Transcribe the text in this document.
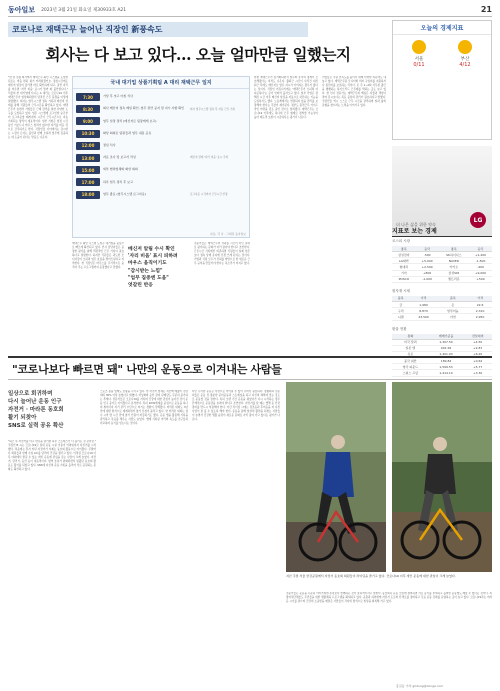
동아일보 2023년 3월 21일 화요일 제30933호 A21	21
코로나로 재택근무 늘어난 직장인 新풍속도
회사는 다 보고 있다… 오늘 얼마만큼 일했는지
오늘의 경제지표
서울
0/11
부산
4/12
더 나은 삶을 위한 약속
LG
"한 달 전쯤 회사에서 재택근무 확인 시스템을 도입한 뒤로는 마음 편히 쉬기 어려워졌어요. 점심시간에도 메신저 알림이 울리면 바로 확인하게 되고, 잠깐 자리를 비우면 '자리 비움' 표시가 뜰까 봐 불안합니다." 서울의 한 대기업에 다니는 A 대리는 코로나19 이후 재택근무가 일상화되면서 달라진 근무 풍경을 이렇게 설명했다. 회사는 업무시스템 접속 기록과 메신저 상태를 통해 직원들의 근무시간을 확인하고 있다. 재택근무가 늘면서 기업들은 근태 관리를 위한 다양한 도구를 도입하고 있다. 업무 시스템에 로그인한 순간부터 로그아웃할 때까지의 시간이 근무시간으로 자동 기록되는 방식이 대표적이다. 일부 기업은 일정 시간 동안 키보드나 마우스 입력이 없으면 자리를 비운 것으로 간주하기도 한다. 직장인들 사이에서는 감시받는 느낌이 든다는 불만과 함께 오히려 업무에 집중하는 데 도움이 된다는 반응도 나온다.
국내 대기업 상품기획팀 A 대리 재택근무 일지
7:30	기상 후 씻고 아침 식사
8:30	회사 메신저 접속 메일 확인, 업무 관련 공지 및 지시 사항 확인	회사 업무시스템 접속 후 자동 근무 기록
9:00	업무 일정 정리 (메신저로 팀장에게 보고)
10:30	화상 회의로 팀원들과 업무 내용 공유
12:00	점심 식사
13:00	자료 조사 및 보고서 작성	메신저 상태 '자리 비움' 표시 주의
15:00	외부 협력업체와 화상 회의
17:00	하루 업무 정리 후 보고
18:00	업무 종료 (업무시스템 로그아웃)	로그아웃 시각까지 근무시간 산정
자료: 각 사 · 그래픽 동아일보
재택근무 확인 시스템 도입은 대기업을 중심으로 빠르게 확산되고 있다. 인사 담당자들은 공정한 평가를 위해 객관적인 근무 기록이 필요하다고 설명한다. 하지만 직원들은 과도한 모니터링이 오히려 업무 효율을 떨어뜨린다고 지적한다. 한 직장인은 마우스를 주기적으로 움직여 주는 프로그램까지 등장했다고 전했다.
메신저 알림 수시 확인
'자리 비움' 표시 피하려
마우스 움직이기도
"감시받는 느낌"
"업무 집중엔 도움"
엇갈린 반응
전문가들은 재택근무의 성과를 시간이 아닌 결과로 평가하는 문화가 자리 잡아야 한다고 조언한다. 근무시간 기록에만 의존하면 직원들이 실제 업무보다 접속 상태 유지에 신경 쓰게 된다는 것이다. 기업과 직원 모두가 신뢰를 바탕으로 한 새로운 근무 규칙을 만들어야 한다는 목소리가 커지고 있다.
한편 재택근무가 장기화되면서 업무와 휴식의 경계가 모호해졌다는 지적도 나온다. 출퇴근 시간이 사라진 대신 퇴근 후에도 메신저로 업무 지시가 이어지는 경우가 많다는 것이다. 직장인 커뮤니티에는 '재택근무가 오히려 더 피곤하다'는 글이 잇따라 올라오고 있다. 일부 기업은 정해진 시간 이후 메신저 알림을 자동으로 차단하는 기능을 도입하기도 했다. 노동계에서는 연결되지 않을 권리를 보장해야 한다는 주장이 제기된다. 정부도 원격근무 가이드라인 마련을 검토 중인 것으로 알려졌다. 재택근무는 코로나19 이후에도 하나의 근무 형태로 정착할 가능성이 높아 제도적 보완이 시급하다는 평가가 나온다.
기업들은 직원 만족도를 높이기 위해 다양한 지원책도 내놓고 있다. 재택근무용 모니터와 의자 구입비를 지원하거나 통신비를 보조하는 식이다. 또 주 1~2회 사무실 출근을 병행하는 하이브리드 근무제를 택하는 곳도 늘고 있다. 한 인사 전문가는 재택근무의 핵심은 자율과 책임이라며 감시보다는 목표 중심의 관리가 필요하다고 말했다. 직장인들 역시 스스로 근무 시간을 관리하며 일과 삶의 균형을 찾으려는 노력을 이어가고 있다.
지표로 보는 경제
코스피 시장
종목	등락	종목	등락
삼성전자	-500	SK하이닉스	+1,200
LG화학	+5,000	NAVER	-1,500
현대차	+2,500	카카오	-400
기아	+800	삼성SDI	+9,000
POSCO	-1,000	셀트리온	+500
원자재 시세
품목	가격	품목	가격
금	1,980	은	22.6
구리	8,870	알루미늄	2,310
니켈	23,500	아연	2,950
환율 현황
통화	매매기준율	전일대비
미국 달러	1,307.50	+4.50
일본 엔	991.56	+2.87
유로	1,401.03	+6.20
중국 위안	189.84	+0.62
영국 파운드	1,599.53	+5.77
스위스 프랑	1,414.10	+3.30

"코로나보다 빠르면 돼" 나만의 운동으로 이겨내는 사람들
일상으로 회귀하며
다시 늘어난 운동 인구
자전거 · 마라톤 동호회
활기 되찾아
SNS로 실력 공유 확산
"퇴근 후 자전거를 타고 한강을 달리면 하루 스트레스가 다 풀리는 것 같아요." 직장인 B 씨는 코로나19로 실내 운동 시설 이용이 어려워지자 자전거를 시작했다. 처음에는 혼자 타던 자전거가 이제는 동호회 활동으로 이어졌다. 주말마다 회원들과 함께 수십 km를 달리며 건강을 챙기고 있다. 이처럼 코로나19 이후 야외에서 즐길 수 있는 개인 운동에 관심을 갖는 사람이 크게 늘었다. 자전거, 달리기, 등산 등이 대표적이다. 방역 조치가 완화되면서 멈췄던 동호회 활동도 활기를 되찾고 있다. SNS에 자신의 운동 기록을 올리며 서로 응원하는 문화도 확산되고 있다.
스포츠 용품 업계도 호황을 누리고 있다. 한 자전거 업체는 지난해 매출이 전년 대비 30% 이상 늘었다고 밝혔다. 러닝화와 등산 장비 판매량도 꾸준히 증가하는 추세다. 전문가들은 코로나19를 거치며 건강에 대한 관심이 높아진 것이 운동 인구 증가로 이어졌다고 분석한다. 특히 2030세대를 중심으로 운동을 하나의 취미이자 자기 관리 수단으로 여기는 경향이 강해졌다. 마라톤 대회도 3년 만에 대면 방식으로 재개되면서 참가 신청이 몰리고 있다. 한 마라톤 대회는 접수 시작 몇 시간 만에 참가 인원이 마감되기도 했다. 운동 앱을 활용해 기록을 관리하고 목표를 세우는 사람도 늘었다. 앱에 기록된 거리와 속도를 친구들과 비교하며 동기를 얻는다는 것이다.
다만 무리한 운동은 부상으로 이어질 수 있어 주의가 필요하다. 정형외과 전문의들은 운동 전 충분한 준비운동과 스트레칭을 하고 자신의 체력에 맞는 강도로 운동할 것을 권한다. 특히 오랜 기간 운동을 쉬었다가 다시 시작하는 경우 단계적으로 운동량을 늘려야 한다고 조언한다. 자전거를 탈 때는 헬멧 등 안전 장비를 반드시 착용해야 한다. 야간 라이딩 시에는 전조등과 후미등을 켜 다른 사람이 잘 볼 수 있도록 해야 한다. 운동을 통해 일상의 활력을 되찾는 사람들이 늘면서 건강한 생활 습관이 새로운 문화로 자리 잡아 가고 있다는 평가가 나온다.
지난 주말 서울 한강공원에서 자전거 동호회 회원들이 라이딩을 즐기고 있다. 코로나19 이후 개인 운동에 대한 관심이 크게 늘었다.
전문가들은 운동을 꾸준히 이어가려면 혼자보다 함께하는 것이 효과적이라고 말한다. 동호회나 운동 모임에 참여하면 서로 동기를 부여하고 올바른 운동법도 배울 수 있다는 것이다. 지방자치단체들도 주민들을 위한 생활체육 프로그램을 확대하고 있다. 공원과 하천변에 자전거 도로와 산책로를 정비하고 무료 운동 강좌를 운영하는 곳이 늘고 있다. 코로나19라는 어려운 시기를 겪으며 건강의 소중함을 깨달은 사람들이 각자의 방식으로 일상을 회복해 가고 있다.
홍길동 기자 gildong@donga.com
